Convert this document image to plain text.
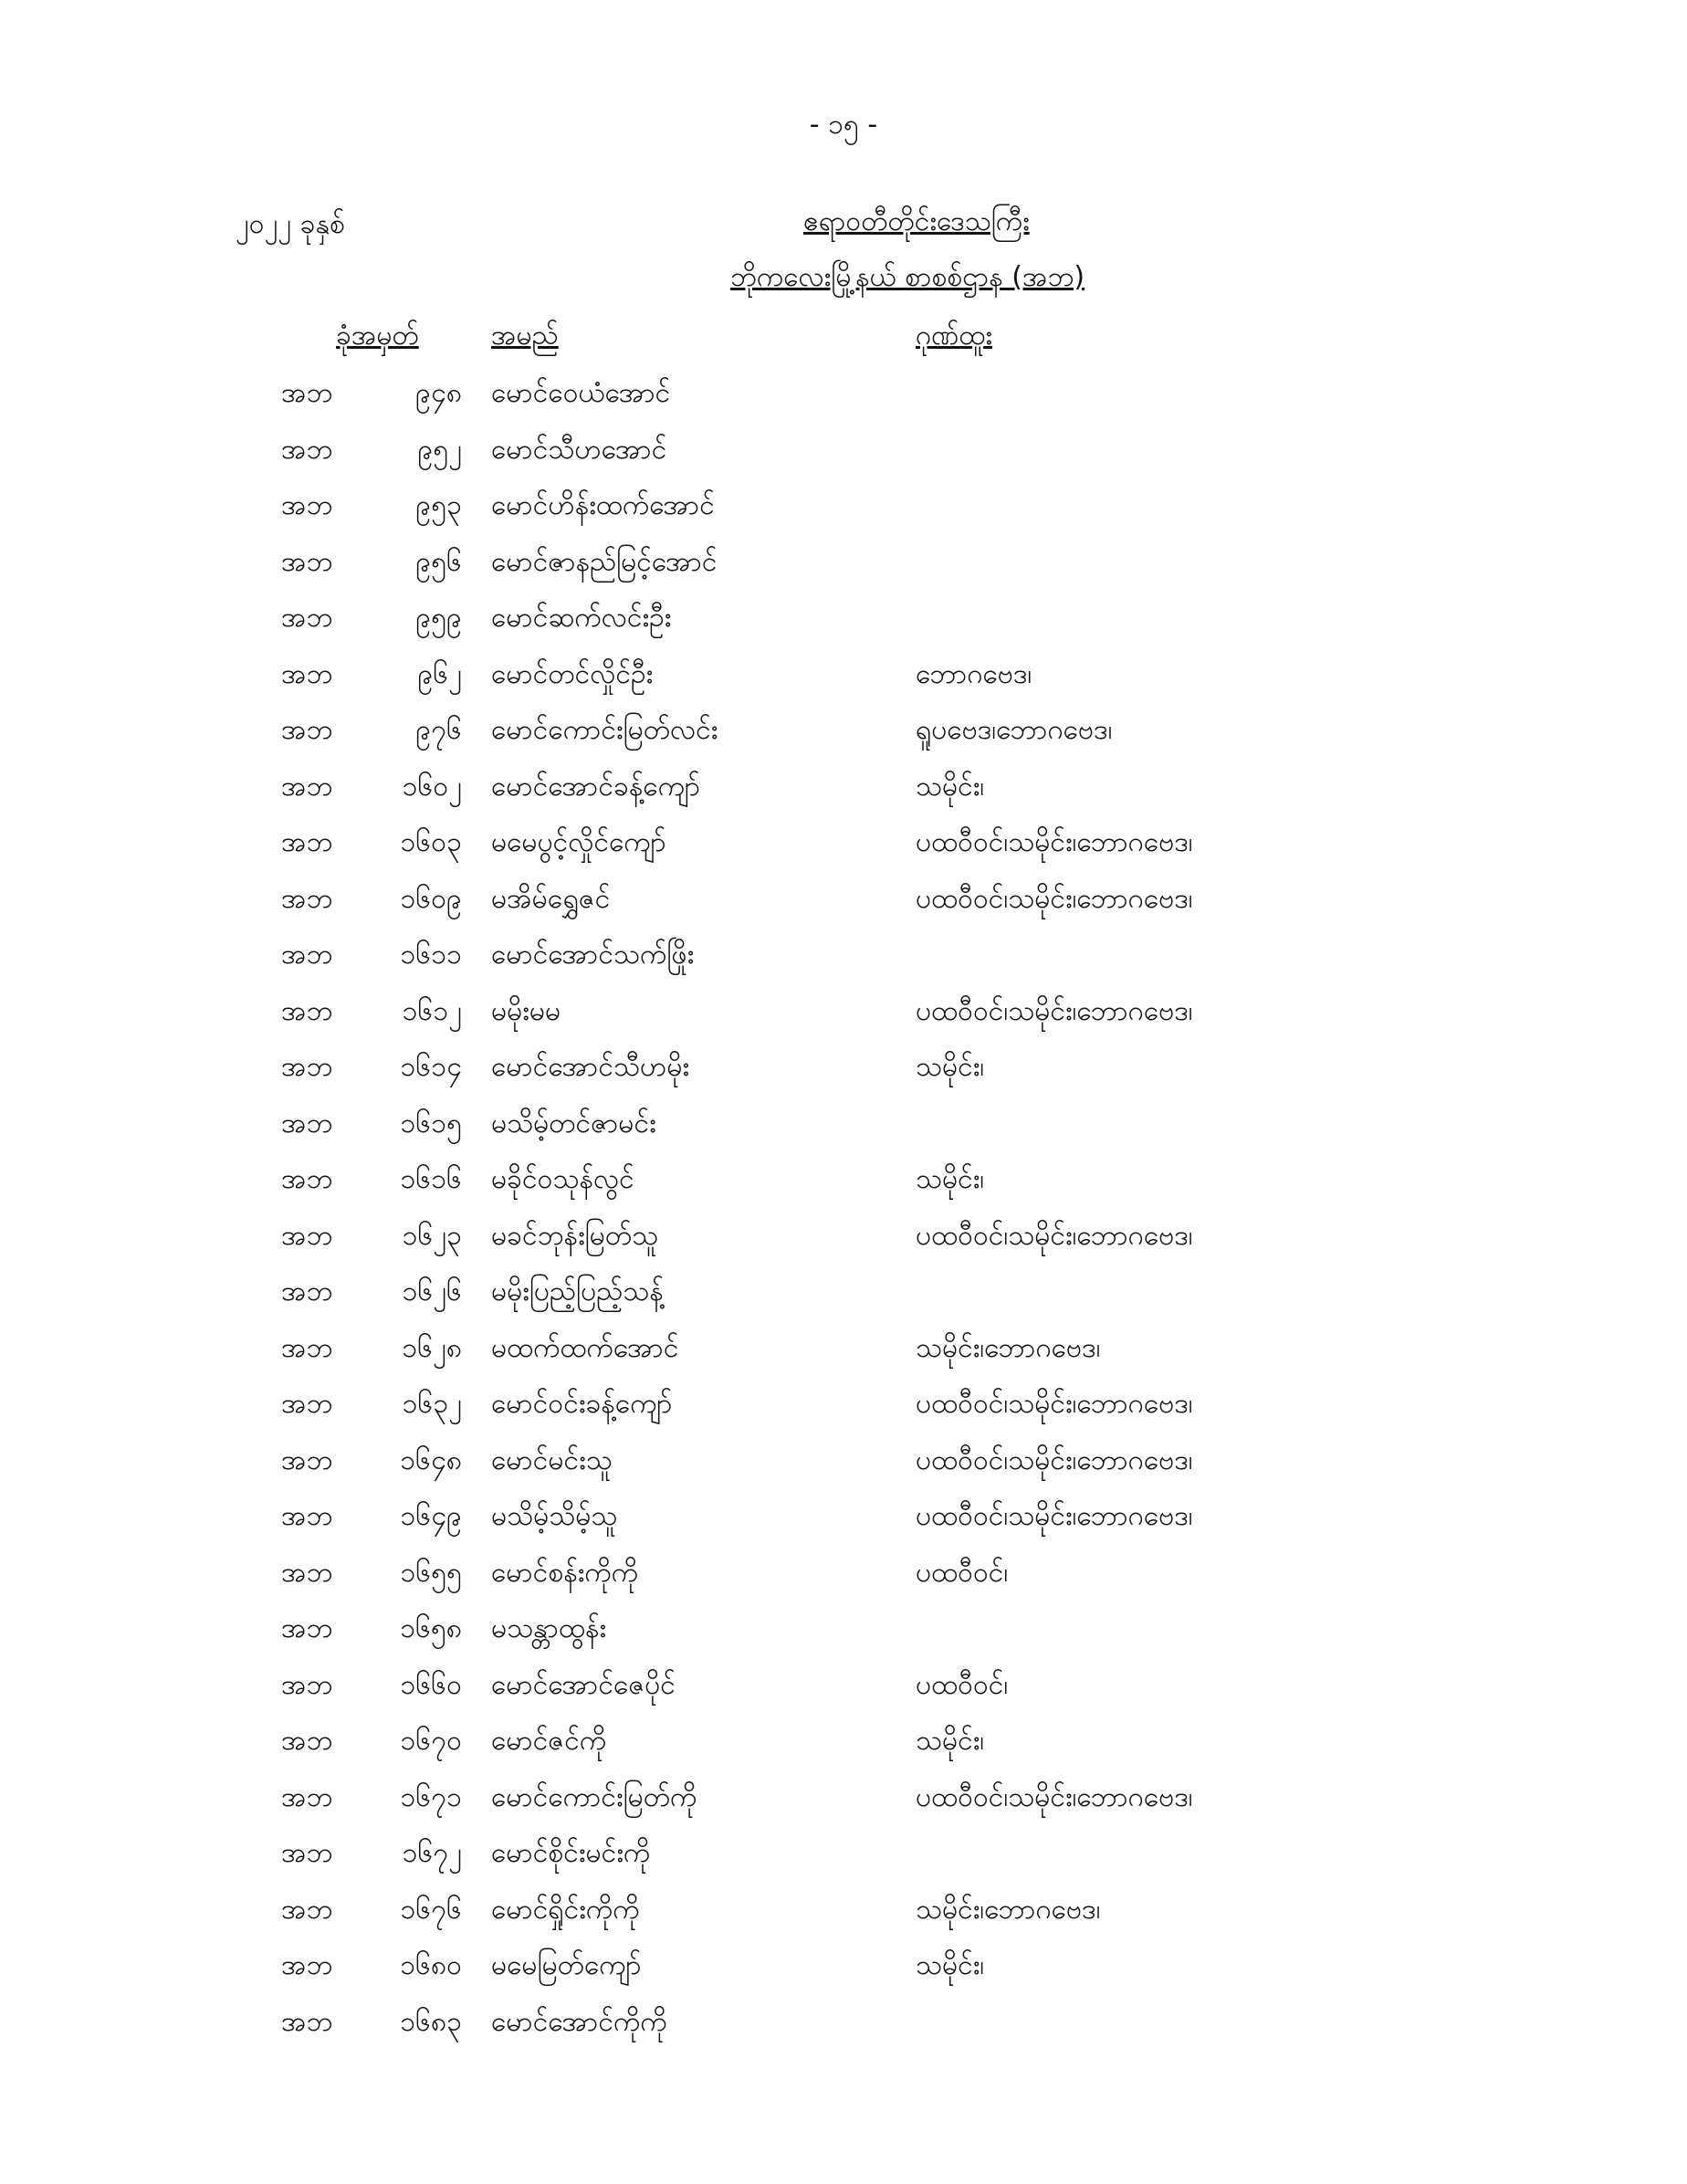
- ၁၅ -
၂၀၂၂ ခုနှစ်	ဧရာဝတီတိုင်းဒေသကြီး
ဘိုကလေးမြို့နယ် စာစစ်ဌာန (အဘ)
ခုံအမှတ်	အမည်	ဂုဏ်ထူး
အဘ	၉၄၈ မောင်ဝေယံအောင်
အဘ	၉၅၂ မောင်သီဟအောင်
အဘ	၉၅၃ မောင်ဟိန်းထက်အောင်
အဘ	၉၅၆ မောင်ဇာနည်မြင့်အောင်
အဘ	၉၅၉ မောင်ဆက်လင်းဦး
အဘ	၉၆၂ မောင်တင်လှိုင်ဦး	ဘောဂဗေဒ၊
အဘ	၉၇၆ မောင်ကောင်းမြတ်လင်း	ရူပဗေဒ၊ဘောဂဗေဒ၊
အဘ	၁၆၀၂ မောင်အောင်ခန့်ကျော်	သမိုင်း၊
အဘ	၁၆၀၃ မမေပွင့်လှိုင်ကျော်	ပထဝီဝင်၊သမိုင်း၊ဘောဂဗေဒ၊
အဘ	၁၆၀၉ မအိမ်ရွှေဇင်	ပထဝီဝင်၊သမိုင်း၊ဘောဂဗေဒ၊
အဘ	၁၆၁၁ မောင်အောင်သက်ဖြိုး
အဘ	၁၆၁၂ မမိုးမမ	ပထဝီဝင်၊သမိုင်း၊ဘောဂဗေဒ၊
အဘ	၁၆၁၄ မောင်အောင်သီဟမိုး	သမိုင်း၊
အဘ	၁၆၁၅ မသိမ့်တင်ဇာမင်း
အဘ	၁၆၁၆ မခိုင်ဝသုန်လွင်	သမိုင်း၊
အဘ	၁၆၂၃ မခင်ဘုန်းမြတ်သူ	ပထဝီဝင်၊သမိုင်း၊ဘောဂဗေဒ၊
အဘ	၁၆၂၆ မမိုးပြည့်ပြည့်သန့်
အဘ	၁၆၂၈ မထက်ထက်အောင်	သမိုင်း၊ဘောဂဗေဒ၊
အဘ	၁၆၃၂ မောင်ဝင်းခန့်ကျော်	ပထဝီဝင်၊သမိုင်း၊ဘောဂဗေဒ၊
အဘ	၁၆၄၈ မောင်မင်းသူ	ပထဝီဝင်၊သမိုင်း၊ဘောဂဗေဒ၊
အဘ	၁၆၄၉ မသိမ့်သိမ့်သူ	ပထဝီဝင်၊သမိုင်း၊ဘောဂဗေဒ၊
အဘ	၁၆၅၅ မောင်စန်းကိုကို	ပထဝီဝင်၊
အဘ	၁၆၅၈ မသန္တာထွန်း
အဘ	၁၆၆၀ မောင်အောင်ဇေပိုင်	ပထဝီဝင်၊
အဘ	၁၆၇၀ မောင်ဇင်ကို	သမိုင်း၊
အဘ	၁၆၇၁ မောင်ကောင်းမြတ်ကို	ပထဝီဝင်၊သမိုင်း၊ဘောဂဗေဒ၊
အဘ	၁၆၇၂ မောင်စိုင်းမင်းကို
အဘ	၁၆၇၆ မောင်ရှိုင်းကိုကို	သမိုင်း၊ဘောဂဗေဒ၊
အဘ	၁၆၈၀ မမေမြတ်ကျော်	သမိုင်း၊
အဘ	၁၆၈၃ မောင်အောင်ကိုကို
